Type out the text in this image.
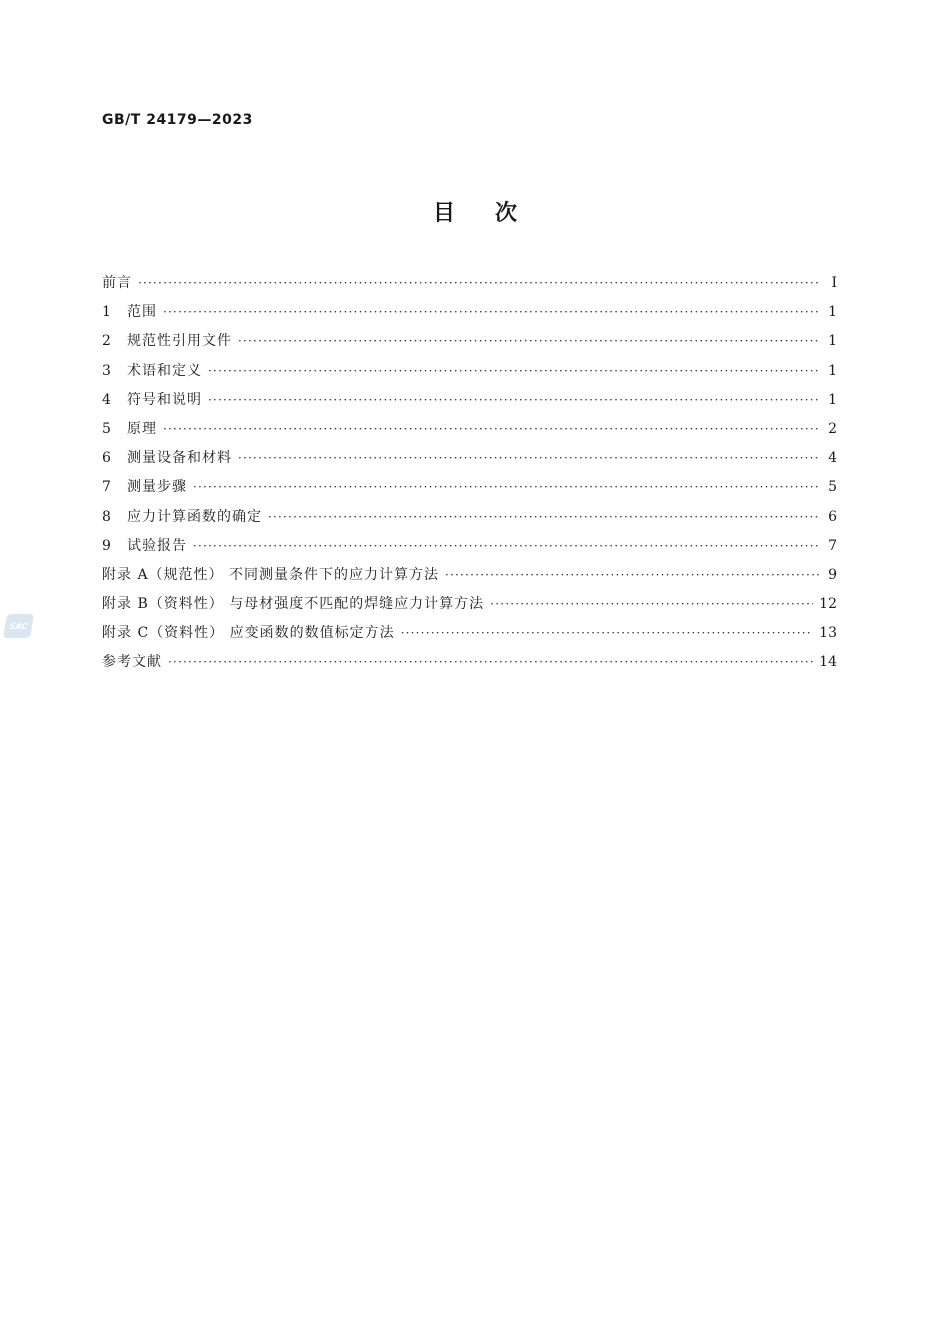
GB/T 24179—2023
目次
前言 ·····	Ⅰ
1 范围 ·····	1
2 规范性引用文件 ·····	1
3 术语和定义 ·····	1
4 符号和说明 ·····	1
5 原理 ·····	2
6 测量设备和材料 ·····	4
7 测量步骤 ·····	5
8 应力计算函数的确定 ·····	6
9 试验报告 ·····	7
附录 A（规范性） 不同测量条件下的应力计算方法 ·····	9
附录 B（资料性） 与母材强度不匹配的焊缝应力计算方法 ·····	12
附录 C（资料性） 应变函数的数值标定方法 ·····	13
参考文献 ·····	14
SAC
